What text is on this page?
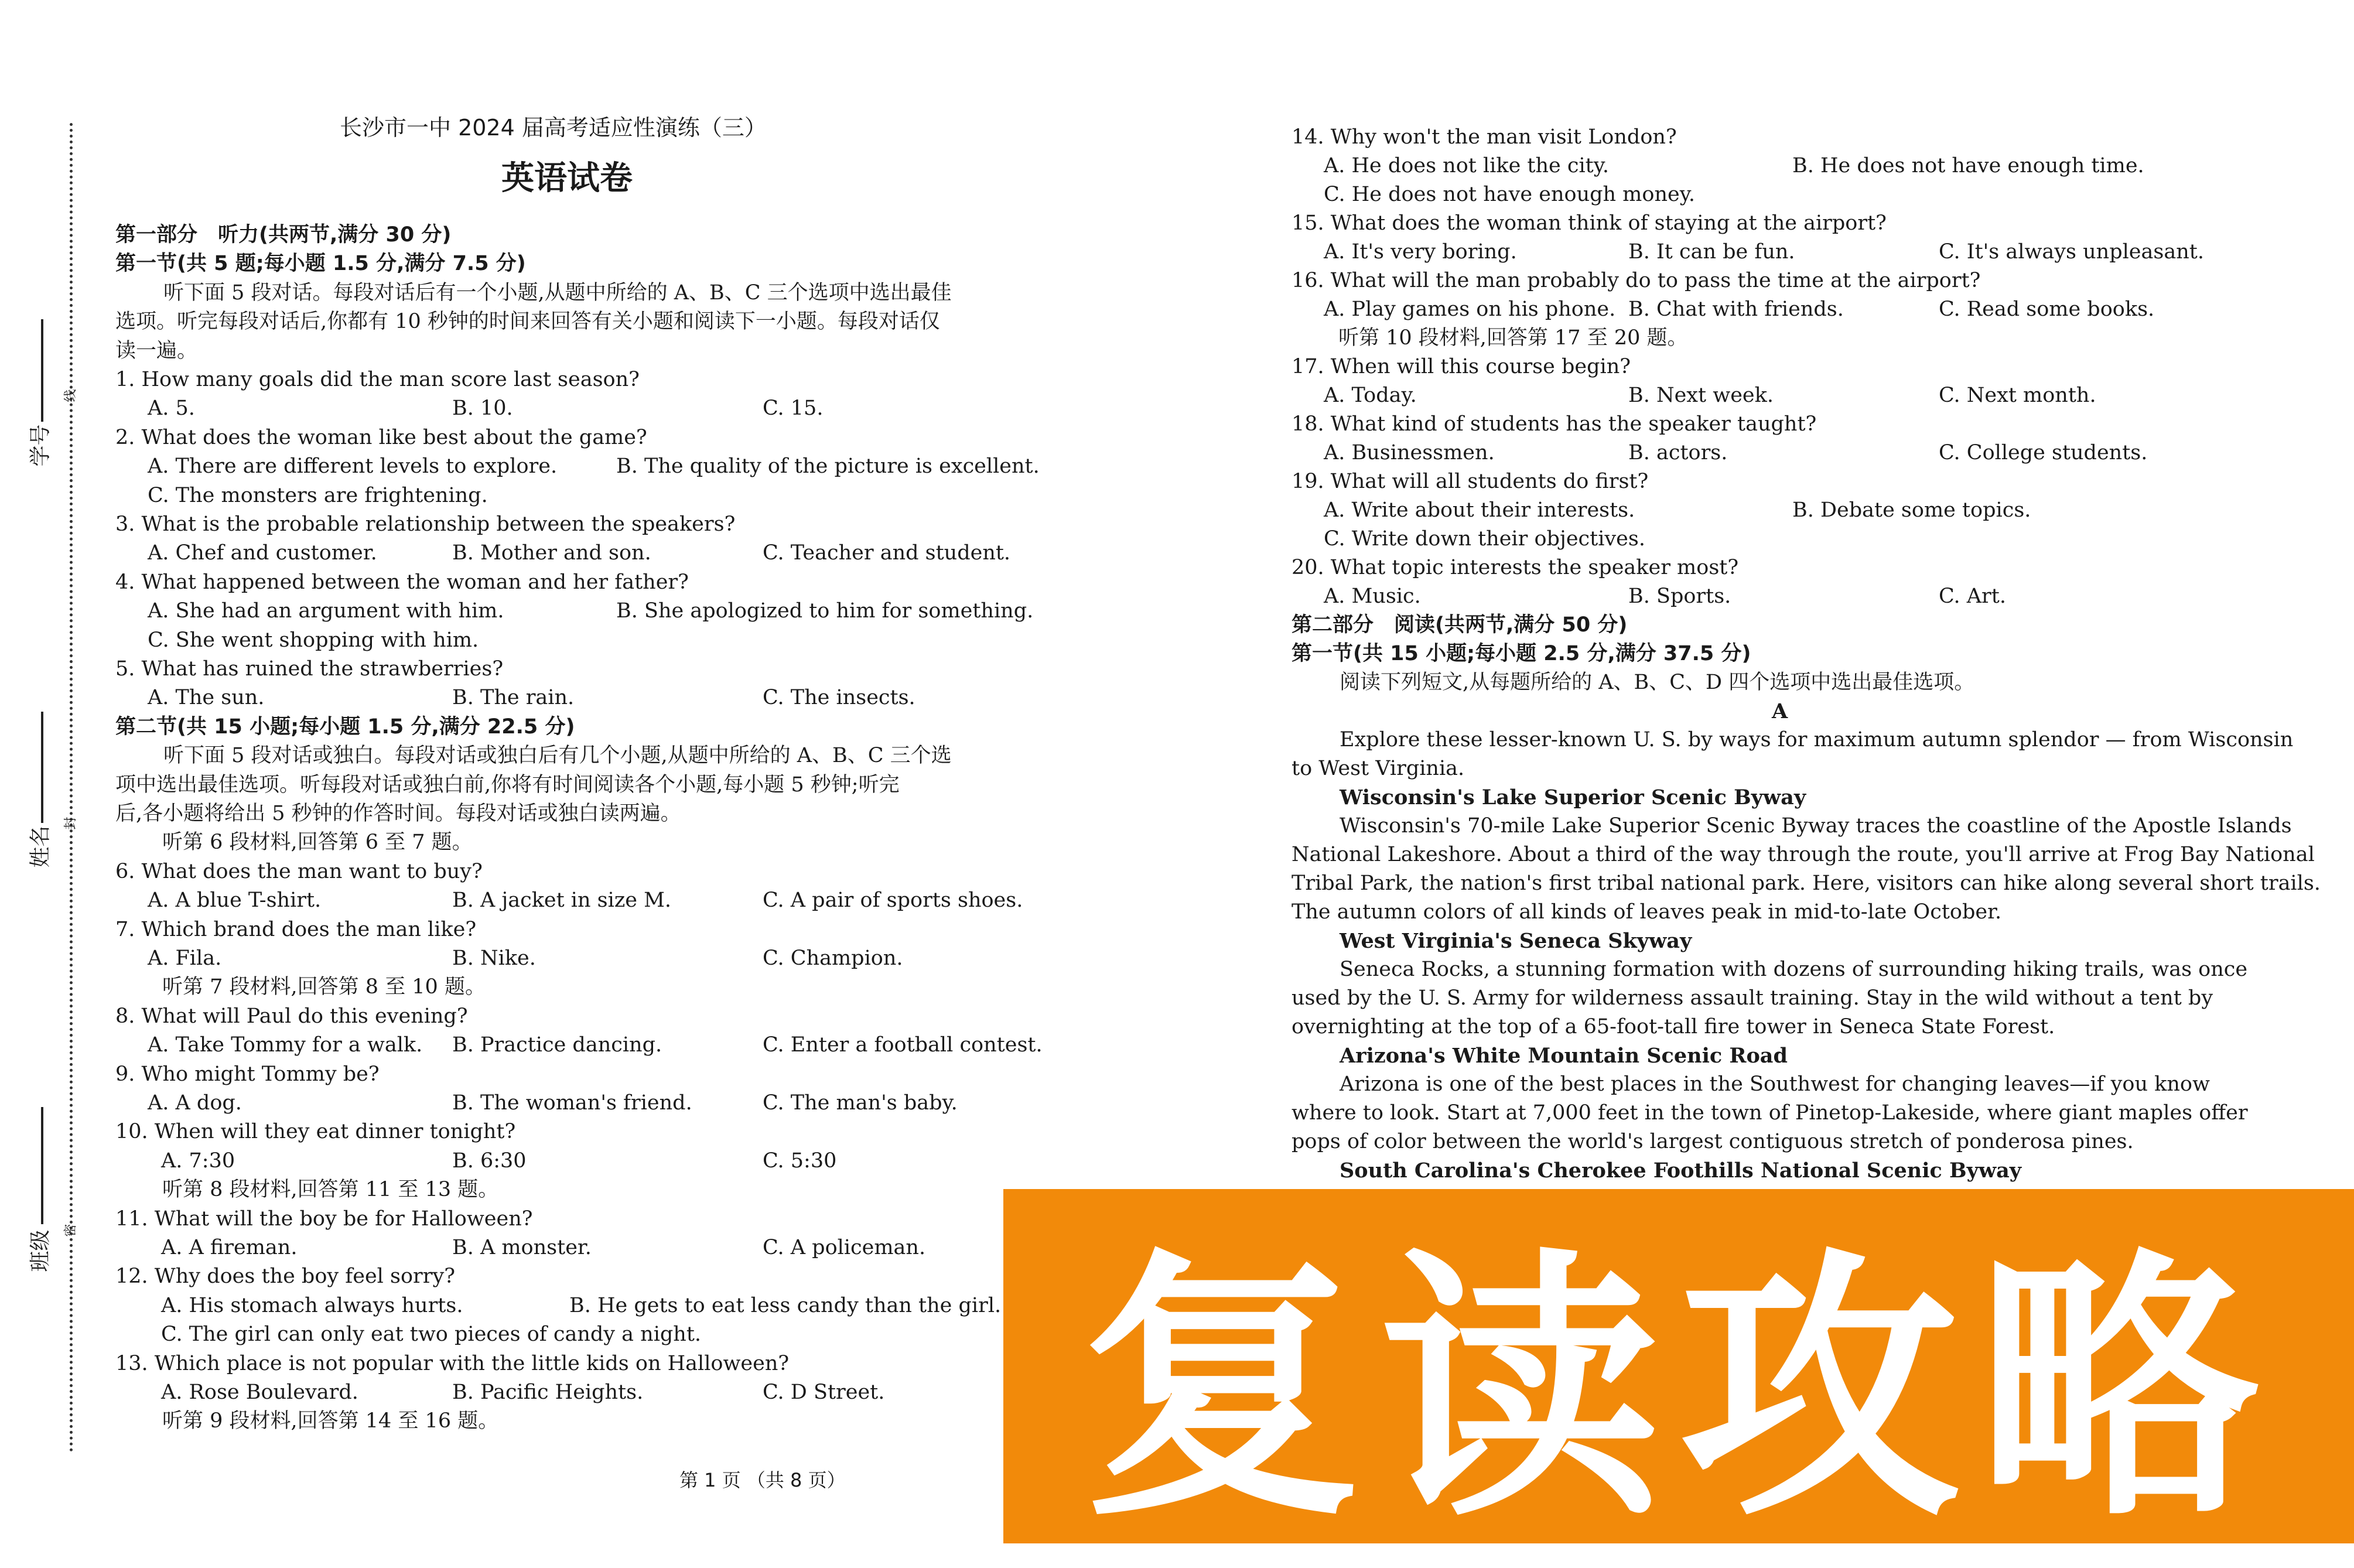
学号
姓名
班级
线
封
密
长沙市一中 2024 届高考适应性演练（三）
英语试卷
第 1 页 （共 8 页） 复读攻略
第一部分　听力(共两节,满分 30 分)
第一节(共 5 题;每小题 1.5 分,满分 7.5 分)
听下面 5 段对话。每段对话后有一个小题,从题中所给的 A、B、C 三个选项中选出最佳
选项。听完每段对话后,你都有 10 秒钟的时间来回答有关小题和阅读下一小题。每段对话仅
读一遍。
1. How many goals did the man score last season?
A. 5.	B. 10.	C. 15.
2. What does the woman like best about the game?
A. There are different levels to explore.	B. The quality of the picture is excellent.
C. The monsters are frightening.
3. What is the probable relationship between the speakers?
A. Chef and customer.	B. Mother and son.	C. Teacher and student.
4. What happened between the woman and her father?
A. She had an argument with him.	B. She apologized to him for something.
C. She went shopping with him.
5. What has ruined the strawberries?
A. The sun.	B. The rain.	C. The insects.
第二节(共 15 小题;每小题 1.5 分,满分 22.5 分)
听下面 5 段对话或独白。每段对话或独白后有几个小题,从题中所给的 A、B、C 三个选
项中选出最佳选项。听每段对话或独白前,你将有时间阅读各个小题,每小题 5 秒钟;听完
后,各小题将给出 5 秒钟的作答时间。每段对话或独白读两遍。
听第 6 段材料,回答第 6 至 7 题。
6. What does the man want to buy?
A. A blue T-shirt.	B. A jacket in size M.	C. A pair of sports shoes.
7. Which brand does the man like?
A. Fila.	B. Nike.	C. Champion.
听第 7 段材料,回答第 8 至 10 题。
8. What will Paul do this evening?
A. Take Tommy for a walk. B. Practice dancing.	C. Enter a football contest.
9. Who might Tommy be?
A. A dog.	B. The woman's friend.	C. The man's baby.
10. When will they eat dinner tonight?
A. 7:30	B. 6:30	C. 5:30
听第 8 段材料,回答第 11 至 13 题。
11. What will the boy be for Halloween?
A. A fireman.	B. A monster.	C. A policeman.
12. Why does the boy feel sorry?
A. His stomach always hurts.	B. He gets to eat less candy than the girl.
C. The girl can only eat two pieces of candy a night.
13. Which place is not popular with the little kids on Halloween?
A. Rose Boulevard.	B. Pacific Heights.	C. D Street.
听第 9 段材料,回答第 14 至 16 题。
14. Why won't the man visit London?
A. He does not like the city.	B. He does not have enough time.
C. He does not have enough money.
15. What does the woman think of staying at the airport?
A. It's very boring.	B. It can be fun.	C. It's always unpleasant.
16. What will the man probably do to pass the time at the airport?
A. Play games on his phone. B. Chat with friends.	C. Read some books.
听第 10 段材料,回答第 17 至 20 题。
17. When will this course begin?
A. Today.	B. Next week.	C. Next month.
18. What kind of students has the speaker taught?
A. Businessmen.	B. actors.	C. College students.
19. What will all students do first?
A. Write about their interests.	B. Debate some topics.
C. Write down their objectives.
20. What topic interests the speaker most?
A. Music.	B. Sports.	C. Art.
第二部分　阅读(共两节,满分 50 分)
第一节(共 15 小题;每小题 2.5 分,满分 37.5 分)
阅读下列短文,从每题所给的 A、B、C、D 四个选项中选出最佳选项。
A
Explore these lesser-known U. S. by ways for maximum autumn splendor — from Wisconsin
to West Virginia.
Wisconsin's Lake Superior Scenic Byway
Wisconsin's 70-mile Lake Superior Scenic Byway traces the coastline of the Apostle Islands
National Lakeshore. About a third of the way through the route, you'll arrive at Frog Bay National
Tribal Park, the nation's first tribal national park. Here, visitors can hike along several short trails.
The autumn colors of all kinds of leaves peak in mid-to-late October.
West Virginia's Seneca Skyway
Seneca Rocks, a stunning formation with dozens of surrounding hiking trails, was once
used by the U. S. Army for wilderness assault training. Stay in the wild without a tent by
overnighting at the top of a 65-foot-tall fire tower in Seneca State Forest.
Arizona's White Mountain Scenic Road
Arizona is one of the best places in the Southwest for changing leaves—if you know
where to look. Start at 7,000 feet in the town of Pinetop-Lakeside, where giant maples offer
pops of color between the world's largest contiguous stretch of ponderosa pines.
South Carolina's Cherokee Foothills National Scenic Byway
